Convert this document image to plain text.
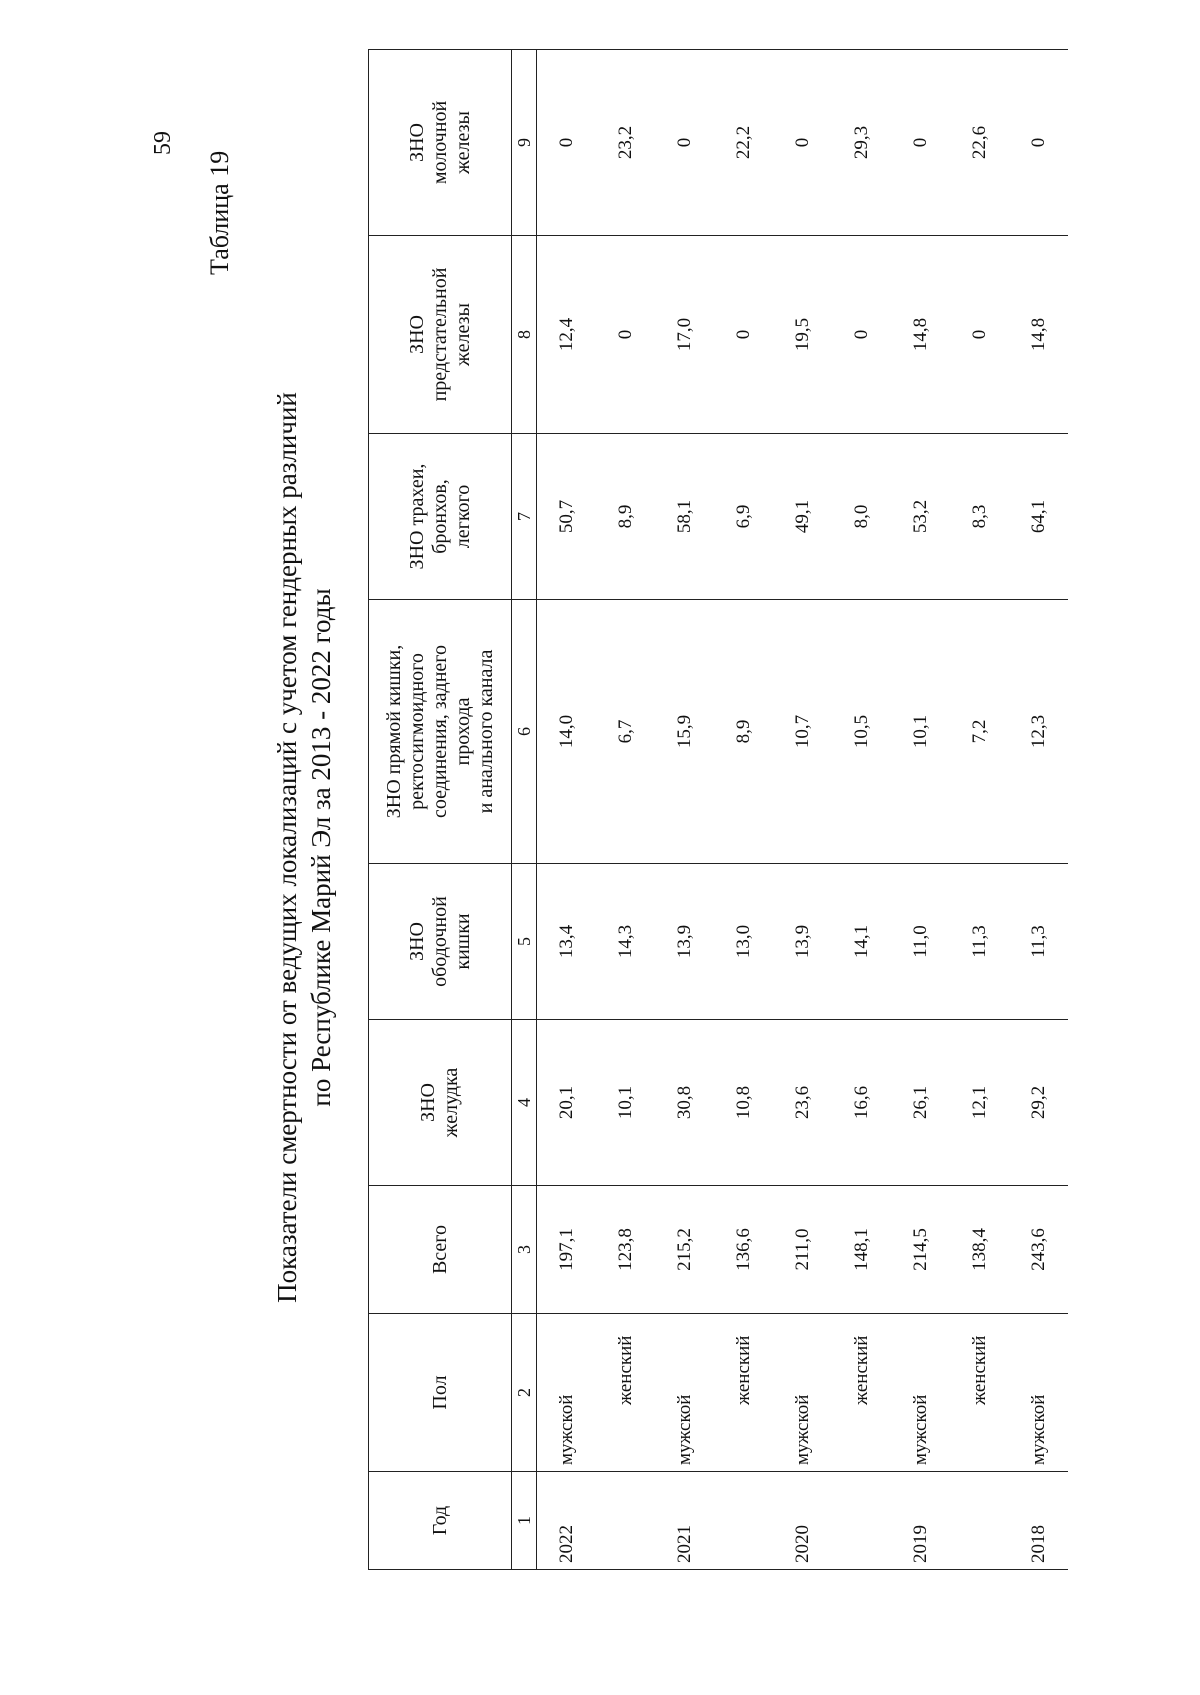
59
Таблица 19
Показатели смертности от ведущих локализаций с учетом гендерных различий по Республике Марий Эл за 2013 - 2022 годы
Год	Пол	Всего	ЗНО
желудка	ЗНО
ободочной
кишки	ЗНО прямой кишки,
ректосигмоидного
соединения, заднего
прохода
и анального канала	ЗНО трахеи,
бронхов,
легкого	ЗНО
предстательной
железы	ЗНО
молочной
железы
1	2	3	4	5	6	7	8	9
2022	мужской	197,1	20,1	13,4	14,0	50,7	12,4	0
	женский	123,8	10,1	14,3	6,7	8,9	0	23,2
2021	мужской	215,2	30,8	13,9	15,9	58,1	17,0	0
	женский	136,6	10,8	13,0	8,9	6,9	0	22,2
2020	мужской	211,0	23,6	13,9	10,7	49,1	19,5	0
	женский	148,1	16,6	14,1	10,5	8,0	0	29,3
2019	мужской	214,5	26,1	11,0	10,1	53,2	14,8	0
	женский	138,4	12,1	11,3	7,2	8,3	0	22,6
2018	мужской	243,6	29,2	11,3	12,3	64,1	14,8	0
